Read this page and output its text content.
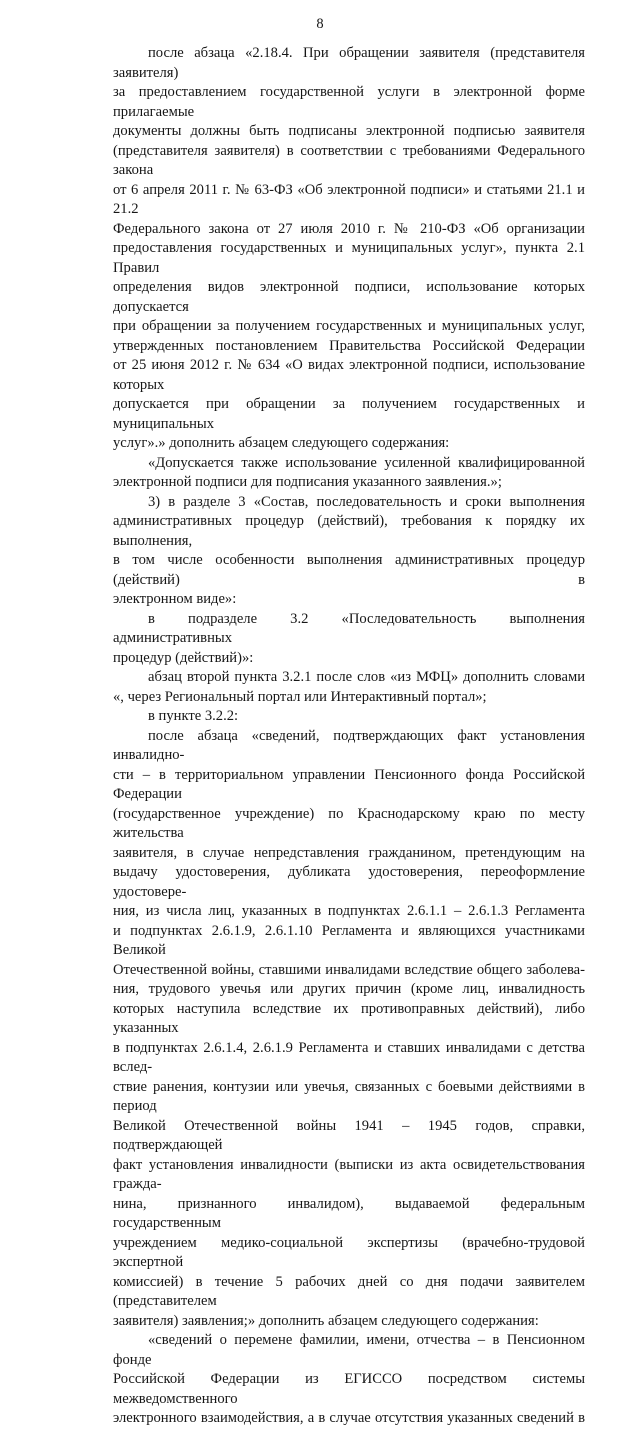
8
после абзаца «2.18.4. При обращении заявителя (представителя заявителя)
за предоставлением государственной услуги в электронной форме прилагаемые
документы должны быть подписаны электронной подписью заявителя
(представителя заявителя) в соответствии с требованиями Федерального закона
от 6 апреля 2011 г. № 63-ФЗ «Об электронной подписи» и статьями 21.1 и 21.2
Федерального закона от 27 июля 2010 г. № 210-ФЗ «Об организации
предоставления государственных и муниципальных услуг», пункта 2.1 Правил
определения видов электронной подписи, использование которых допускается
при обращении за получением государственных и муниципальных услуг,
утвержденных постановлением Правительства Российской Федерации
от 25 июня 2012 г. № 634 «О видах электронной подписи, использование которых
допускается при обращении за получением государственных и муниципальных
услуг».» дополнить абзацем следующего содержания:
«Допускается также использование усиленной квалифицированной
электронной подписи для подписания указанного заявления.»;
3) в разделе 3 «Состав, последовательность и сроки выполнения
административных процедур (действий), требования к порядку их выполнения,
в том числе особенности выполнения административных процедур (действий) в
электронном виде»:
в подразделе 3.2 «Последовательность выполнения административных
процедур (действий)»:
абзац второй пункта 3.2.1 после слов «из МФЦ» дополнить словами
«, через Региональный портал или Интерактивный портал»;
в пункте 3.2.2:
после абзаца «сведений, подтверждающих факт установления инвалидно-
сти – в территориальном управлении Пенсионного фонда Российской Федерации
(государственное учреждение) по Краснодарскому краю по месту жительства
заявителя, в случае непредставления гражданином, претендующим на
выдачу удостоверения, дубликата удостоверения, переоформление удостовере-
ния, из числа лиц, указанных в подпунктах 2.6.1.1 – 2.6.1.3 Регламента
и подпунктах 2.6.1.9, 2.6.1.10 Регламента и являющихся участниками Великой
Отечественной войны, ставшими инвалидами вследствие общего заболева-
ния, трудового увечья или других причин (кроме лиц, инвалидность
которых наступила вследствие их противоправных действий), либо указанных
в подпунктах 2.6.1.4, 2.6.1.9 Регламента и ставших инвалидами с детства вслед-
ствие ранения, контузии или увечья, связанных с боевыми действиями в период
Великой Отечественной войны 1941 – 1945 годов, справки, подтверждающей
факт установления инвалидности (выписки из акта освидетельствования гражда-
нина, признанного инвалидом), выдаваемой федеральным государственным
учреждением медико-социальной экспертизы (врачебно-трудовой экспертной
комиссией) в течение 5 рабочих дней со дня подачи заявителем (представителем
заявителя) заявления;» дополнить абзацем следующего содержания:
«сведений о перемене фамилии, имени, отчества – в Пенсионном фонде
Российской Федерации из ЕГИССО посредством системы межведомственного
электронного взаимодействия, а в случае отсутствия указанных сведений в
